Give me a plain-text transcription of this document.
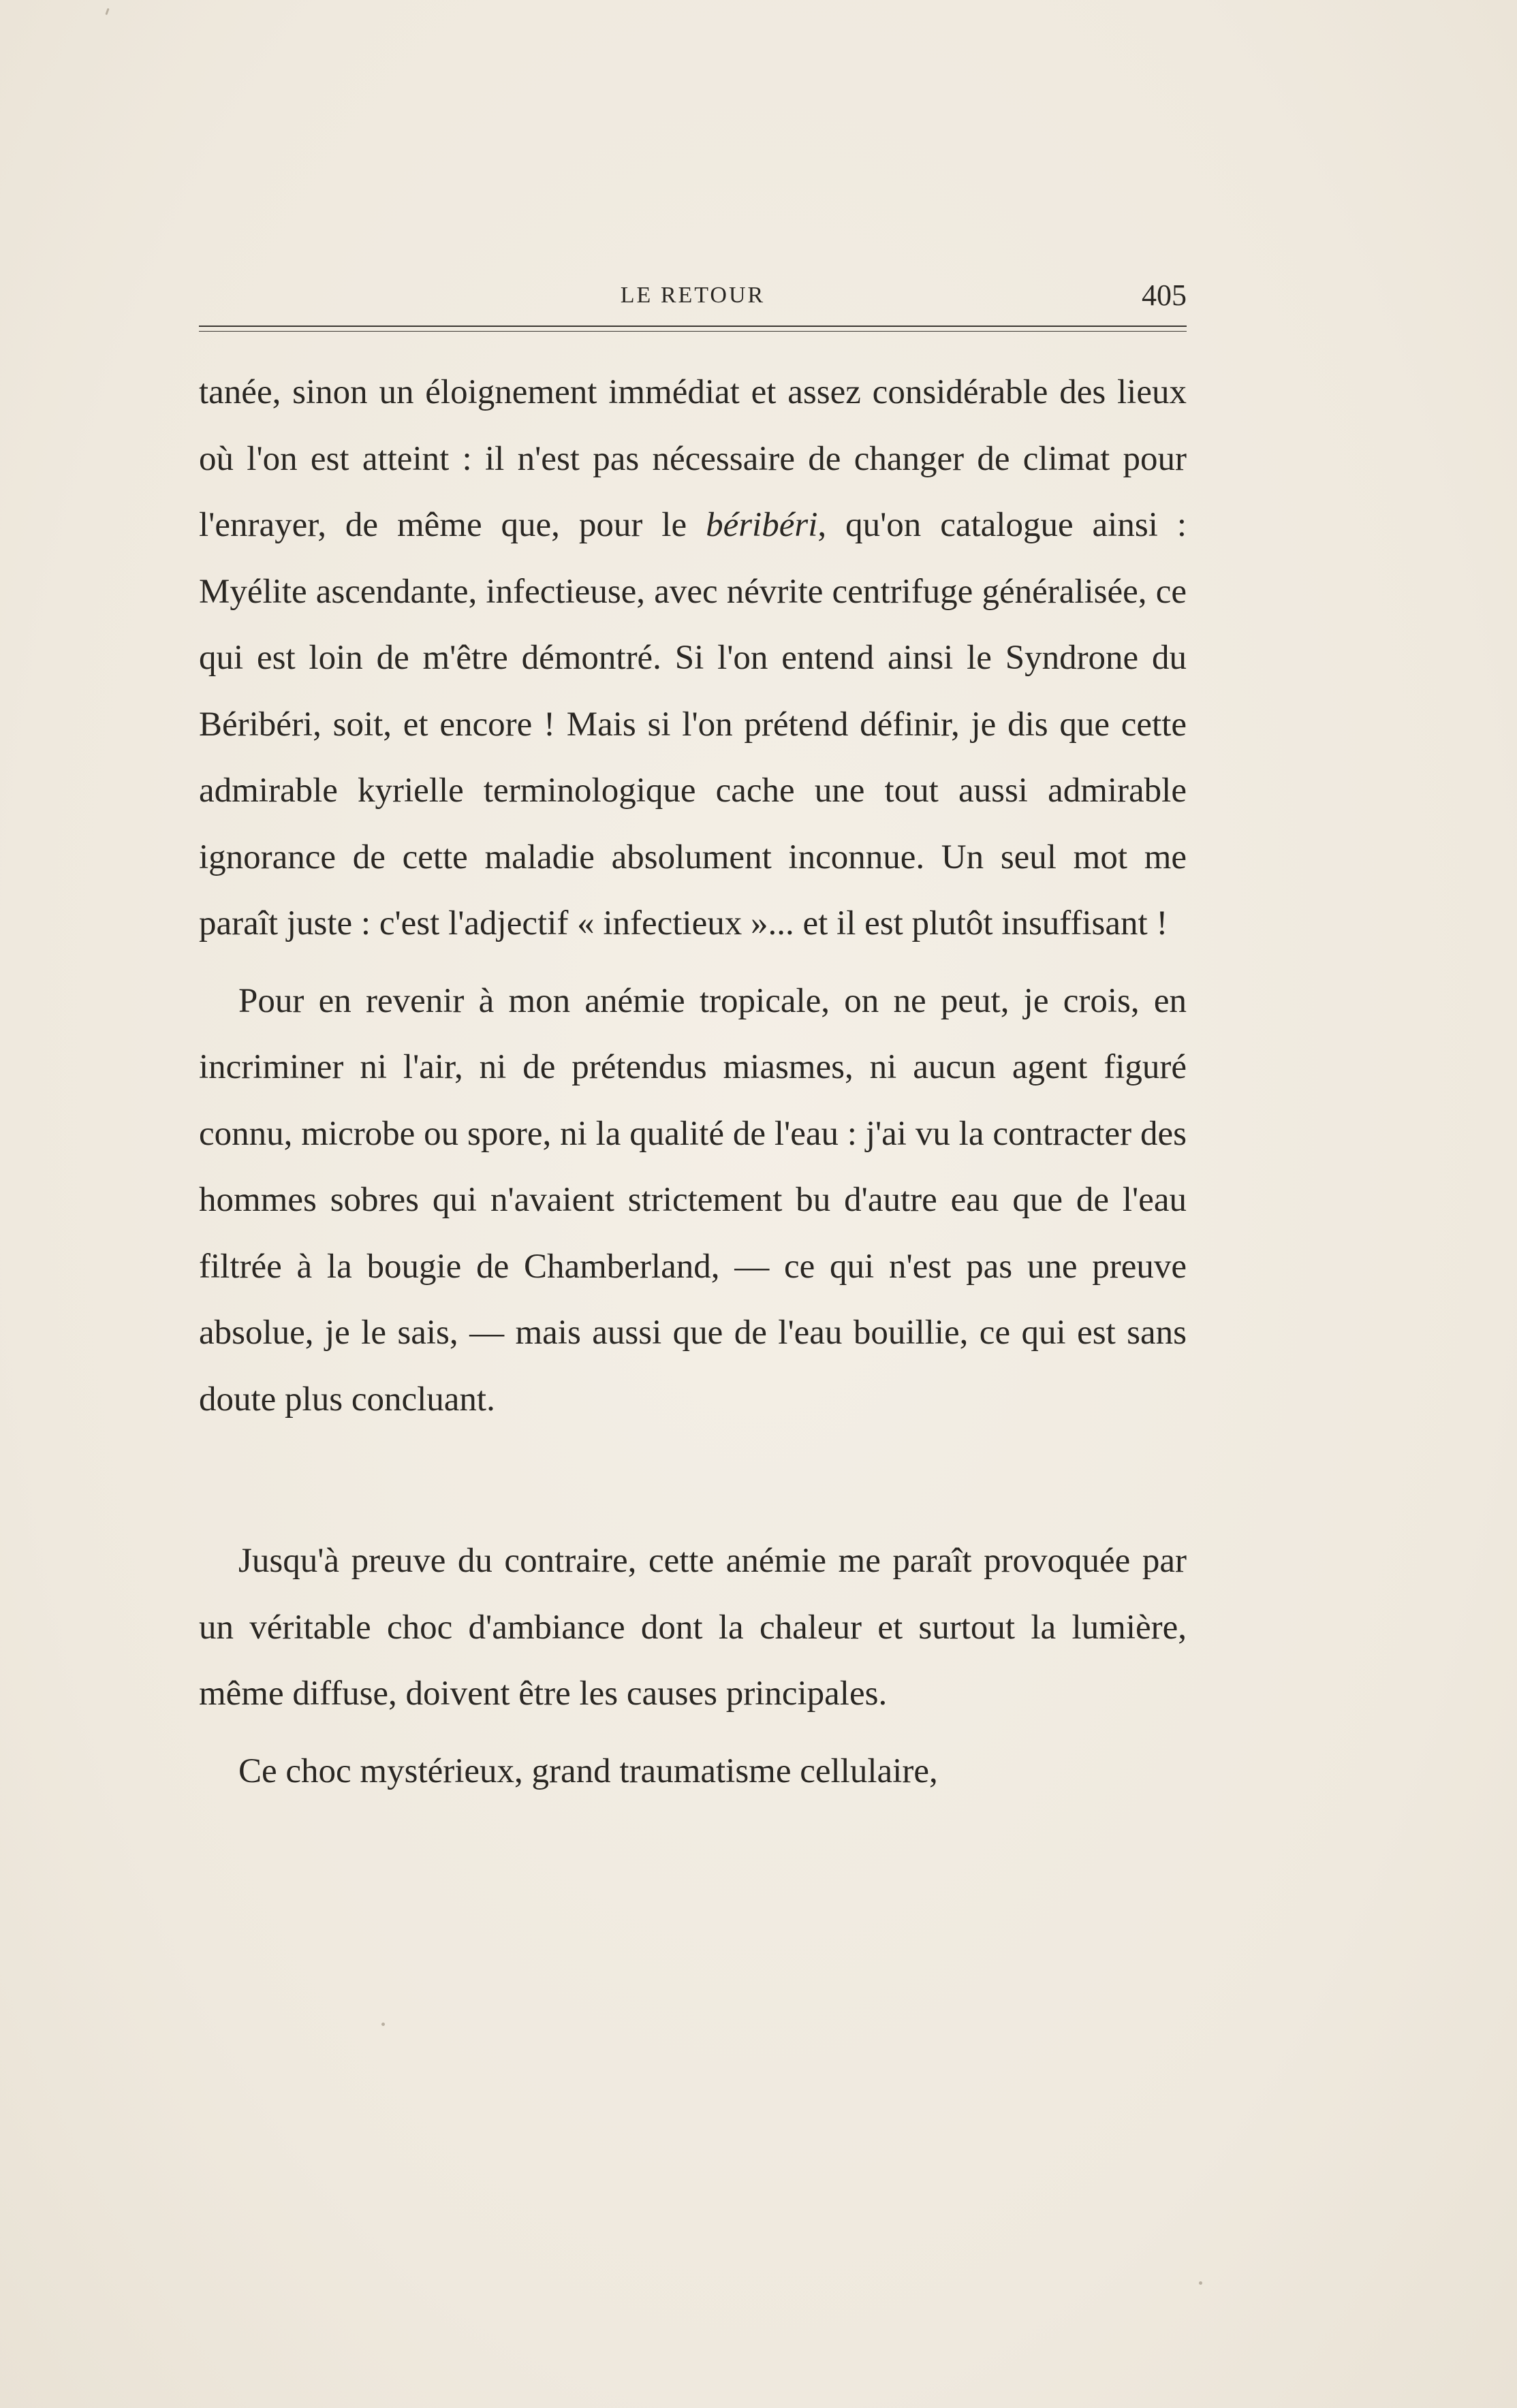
LE RETOUR	405

tanée, sinon un éloignement immédiat et assez considérable des lieux où l'on est atteint : il n'est pas nécessaire de changer de climat pour l'enrayer, de même que, pour le béribéri, qu'on catalogue ainsi : Myélite ascendante, infectieuse, avec névrite centrifuge généralisée, ce qui est loin de m'être démontré. Si l'on entend ainsi le Syndrone du Béribéri, soit, et encore ! Mais si l'on prétend définir, je dis que cette admirable kyrielle terminologique cache une tout aussi admirable ignorance de cette maladie absolument inconnue. Un seul mot me paraît juste : c'est l'adjectif « infectieux »... et il est plutôt insuffisant !

Pour en revenir à mon anémie tropicale, on ne peut, je crois, en incriminer ni l'air, ni de prétendus miasmes, ni aucun agent figuré connu, microbe ou spore, ni la qualité de l'eau : j'ai vu la contracter des hommes sobres qui n'avaient strictement bu d'autre eau que de l'eau filtrée à la bougie de Chamberland, — ce qui n'est pas une preuve absolue, je le sais, — mais aussi que de l'eau bouillie, ce qui est sans doute plus concluant.

Jusqu'à preuve du contraire, cette anémie me paraît provoquée par un véritable choc d'ambiance dont la chaleur et surtout la lumière, même diffuse, doivent être les causes principales.

Ce choc mystérieux, grand traumatisme cellulaire,
